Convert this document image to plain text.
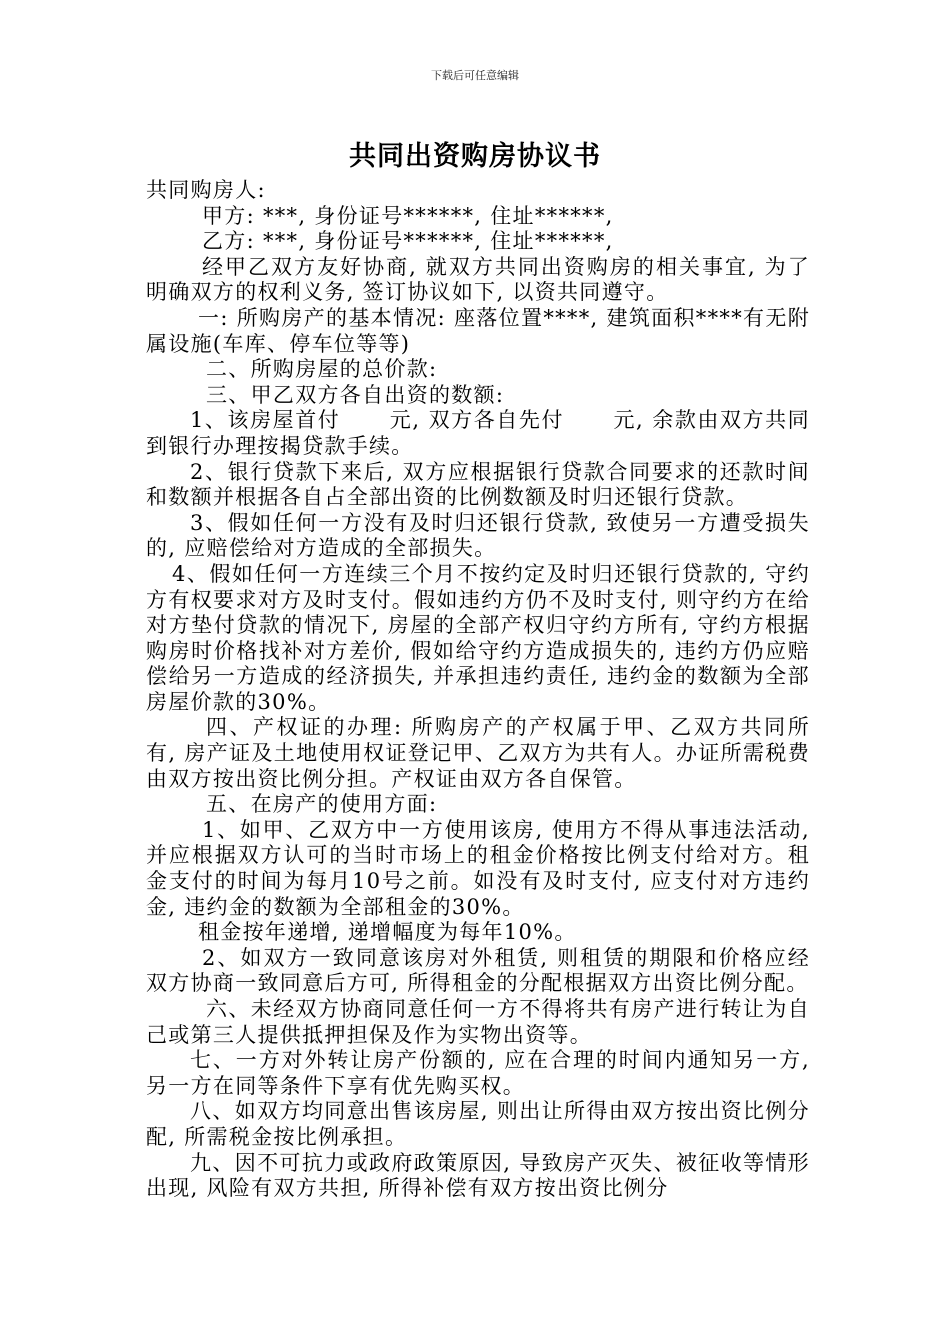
下载后可任意编辑
共同出资购房协议书

共同购房人:

甲方: ***, 身份证号******, 住址******,

乙方: ***, 身份证号******, 住址******,

经甲乙双方友好协商, 就双方共同出资购房的相关事宜, 为了明确双方的权利义务, 签订协议如下, 以资共同遵守。

一: 所购房产的基本情况: 座落位置****, 建筑面积****有无附属设施(车库、停车位等等)

二、所购房屋的总价款:

三、甲乙双方各自出资的数额:

1、该房屋首付      元, 双方各自先付      元, 余款由双方共同到银行办理按揭贷款手续。

2、银行贷款下来后, 双方应根据银行贷款合同要求的还款时间和数额并根据各自占全部出资的比例数额及时归还银行贷款。

3、假如任何一方没有及时归还银行贷款, 致使另一方遭受损失的, 应赔偿给对方造成的全部损失。

4、假如任何一方连续三个月不按约定及时归还银行贷款的, 守约方有权要求对方及时支付。假如违约方仍不及时支付, 则守约方在给对方垫付贷款的情况下, 房屋的全部产权归守约方所有, 守约方根据购房时价格找补对方差价, 假如给守约方造成损失的, 违约方仍应赔偿给另一方造成的经济损失, 并承担违约责任, 违约金的数额为全部房屋价款的30%。

四、产权证的办理: 所购房产的产权属于甲、乙双方共同所有, 房产证及土地使用权证登记甲、乙双方为共有人。办证所需税费由双方按出资比例分担。产权证由双方各自保管。

五、在房产的使用方面:

1、如甲、乙双方中一方使用该房, 使用方不得从事违法活动, 并应根据双方认可的当时市场上的租金价格按比例支付给对方。租金支付的时间为每月10号之前。如没有及时支付, 应支付对方违约金, 违约金的数额为全部租金的30%。

租金按年递增, 递增幅度为每年10%。

2、如双方一致同意该房对外租赁, 则租赁的期限和价格应经双方协商一致同意后方可, 所得租金的分配根据双方出资比例分配。

六、未经双方协商同意任何一方不得将共有房产进行转让为自己或第三人提供抵押担保及作为实物出资等。

七、一方对外转让房产份额的, 应在合理的时间内通知另一方, 另一方在同等条件下享有优先购买权。

八、如双方均同意出售该房屋, 则出让所得由双方按出资比例分配, 所需税金按比例承担。

九、因不可抗力或政府政策原因, 导致房产灭失、被征收等情形出现, 风险有双方共担, 所得补偿有双方按出资比例分
